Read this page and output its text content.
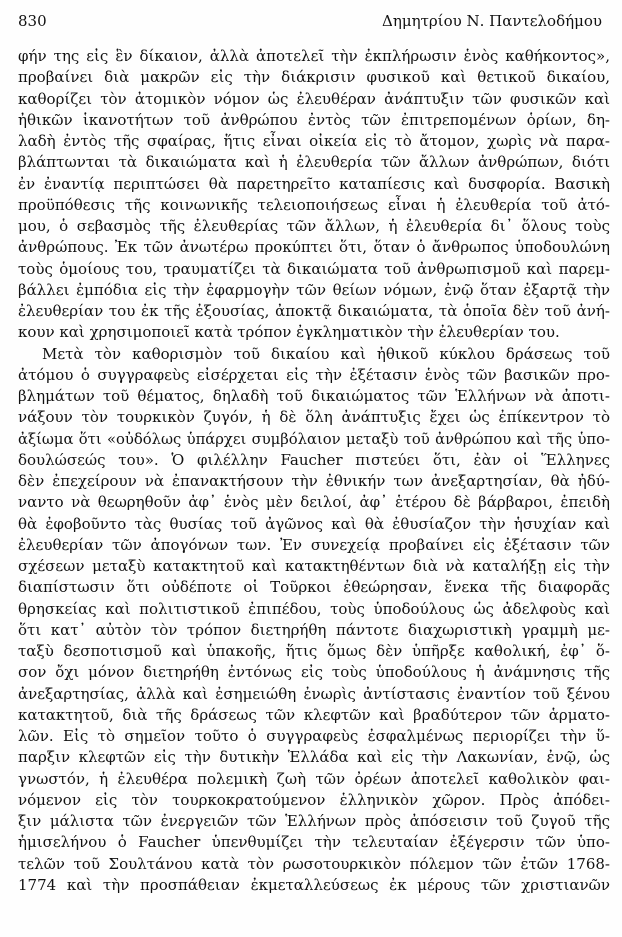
830	Δημητρίου Ν. Παντελοδήμου
φήν της εἰς ἓν δίκαιον, ἀλλὰ ἀποτελεῖ τὴν ἐκπλήρωσιν ἑνὸς καθήκοντος»,
προβαίνει διὰ μακρῶν εἰς τὴν διάκρισιν φυσικοῦ καὶ θετικοῦ δικαίου,
καθορίζει τὸν ἀτομικὸν νόμον ὡς ἐλευθέραν ἀνάπτυξιν τῶν φυσικῶν καὶ
ἠθικῶν ἱκανοτήτων τοῦ ἀνθρώπου ἐντὸς τῶν ἐπιτρεπομένων ὁρίων, δη-
λαδὴ ἐντὸς τῆς σφαίρας, ἥτις εἶναι οἰκεία εἰς τὸ ἄτομον, χωρὶς νὰ παρα-
βλάπτωνται τὰ δικαιώματα καὶ ἡ ἐλευθερία τῶν ἄλλων ἀνθρώπων, διότι
ἐν ἐναντίᾳ περιπτώσει θὰ παρετηρεῖτο καταπίεσις καὶ δυσφορία. Βασικὴ
προϋπόθεσις τῆς κοινωνικῆς τελειοποιήσεως εἶναι ἡ ἐλευθερία τοῦ ἀτό-
μου, ὁ σεβασμὸς τῆς ἐλευθερίας τῶν ἄλλων, ἡ ἐλευθερία δι᾿ ὅλους τοὺς
ἀνθρώπους. Ἐκ τῶν ἀνωτέρω προκύπτει ὅτι, ὅταν ὁ ἄνθρωπος ὑποδουλώνη
τοὺς ὁμοίους του, τραυματίζει τὰ δικαιώματα τοῦ ἀνθρωπισμοῦ καὶ παρεμ-
βάλλει ἐμπόδια εἰς τὴν ἐφαρμογὴν τῶν θείων νόμων, ἐνῷ ὅταν ἐξαρτᾷ τὴν
ἐλευθερίαν του ἐκ τῆς ἐξουσίας, ἀποκτᾷ δικαιώματα, τὰ ὁποῖα δὲν τοῦ ἀνή-
κουν καὶ χρησιμοποιεῖ κατὰ τρόπον ἐγκληματικὸν τὴν ἐλευθερίαν του.
Μετὰ τὸν καθορισμὸν τοῦ δικαίου καὶ ἠθικοῦ κύκλου δράσεως τοῦ
ἀτόμου ὁ συγγραφεὺς εἰσέρχεται εἰς τὴν ἐξέτασιν ἑνὸς τῶν βασικῶν προ-
βλημάτων τοῦ θέματος, δηλαδὴ τοῦ δικαιώματος τῶν Ἑλλήνων νὰ ἀποτι-
νάξουν τὸν τουρκικὸν ζυγόν, ἡ δὲ ὅλη ἀνάπτυξις ἔχει ὡς ἐπίκεντρον τὸ
ἀξίωμα ὅτι «οὐδόλως ὑπάρχει συμβόλαιον μεταξὺ τοῦ ἀνθρώπου καὶ τῆς ὑπο-
δουλώσεώς του». Ὁ φιλέλλην Faucher πιστεύει ὅτι, ἐὰν οἱ Ἕλληνες
δὲν ἐπεχείρουν νὰ ἐπανακτήσουν τὴν ἐθνικήν των ἀνεξαρτησίαν, θὰ ἠδύ-
ναντο νὰ θεωρηθοῦν ἀφ᾿ ἑνὸς μὲν δειλοί, ἀφ᾿ ἑτέρου δὲ βάρβαροι, ἐπειδὴ
θὰ ἐφοβοῦντο τὰς θυσίας τοῦ ἀγῶνος καὶ θὰ ἐθυσίαζον τὴν ἡσυχίαν καὶ
ἐλευθερίαν τῶν ἀπογόνων των. Ἐν συνεχείᾳ προβαίνει εἰς ἐξέτασιν τῶν
σχέσεων μεταξὺ κατακτητοῦ καὶ κατακτηθέντων διὰ νὰ καταλήξῃ εἰς τὴν
διαπίστωσιν ὅτι οὐδέποτε οἱ Τοῦρκοι ἐθεώρησαν, ἕνεκα τῆς διαφορᾶς
θρησκείας καὶ πολιτιστικοῦ ἐπιπέδου, τοὺς ὑποδούλους ὡς ἀδελφοὺς καὶ
ὅτι κατ᾿ αὐτὸν τὸν τρόπον διετηρήθη πάντοτε διαχωριστικὴ γραμμὴ με-
ταξὺ δεσποτισμοῦ καὶ ὑπακοῆς, ἥτις ὅμως δὲν ὑπῆρξε καθολική, ἐφ᾿ ὅ-
σον ὄχι μόνον διετηρήθη ἐντόνως εἰς τοὺς ὑποδούλους ἡ ἀνάμνησις τῆς
ἀνεξαρτησίας, ἀλλὰ καὶ ἐσημειώθη ἐνωρὶς ἀντίστασις ἐναντίον τοῦ ξένου
κατακτητοῦ, διὰ τῆς δράσεως τῶν κλεφτῶν καὶ βραδύτερον τῶν ἁρματο-
λῶν. Εἰς τὸ σημεῖον τοῦτο ὁ συγγραφεὺς ἐσφαλμένως περιορίζει τὴν ὕ-
παρξιν κλεφτῶν εἰς τὴν δυτικὴν Ἑλλάδα καὶ εἰς τὴν Λακωνίαν, ἐνῷ, ὡς
γνωστόν, ἡ ἐλευθέρα πολεμικὴ ζωὴ τῶν ὀρέων ἀποτελεῖ καθολικὸν φαι-
νόμενον εἰς τὸν τουρκοκρατούμενον ἑλληνικὸν χῶρον. Πρὸς ἀπόδει-
ξιν μάλιστα τῶν ἐνεργειῶν τῶν Ἑλλήνων πρὸς ἀπόσεισιν τοῦ ζυγοῦ τῆς
ἡμισελήνου ὁ Faucher ὑπενθυμίζει τὴν τελευταίαν ἐξέγερσιν τῶν ὑπο-
τελῶν τοῦ Σουλτάνου κατὰ τὸν ρωσοτουρκικὸν πόλεμον τῶν ἐτῶν 1768-
1774 καὶ τὴν προσπάθειαν ἐκμεταλλεύσεως ἐκ μέρους τῶν χριστιανῶν
